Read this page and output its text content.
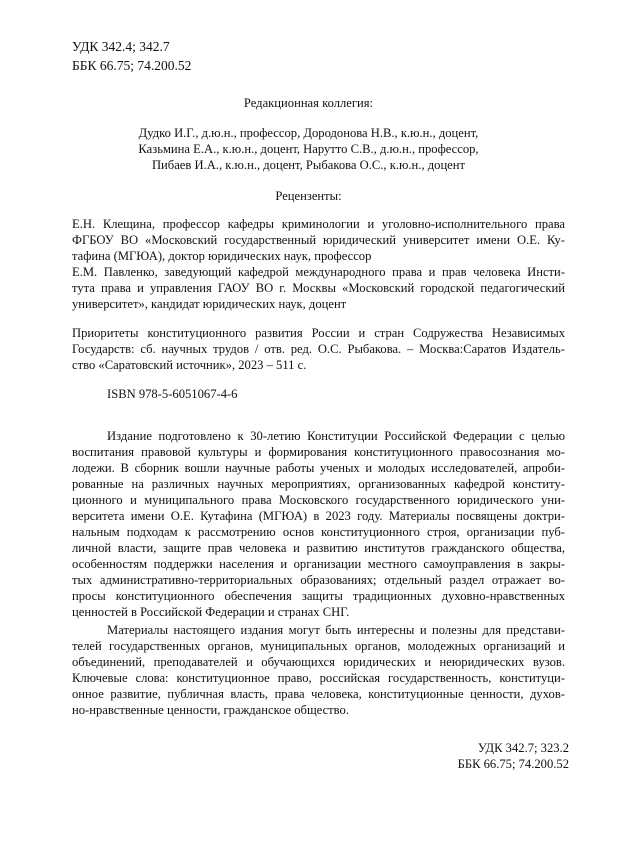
УДК 342.4; 342.7
ББК 66.75; 74.200.52
Редакционная коллегия:
Дудко И.Г., д.ю.н., профессор, Дородонова Н.В., к.ю.н., доцент,
Казьмина Е.А., к.ю.н., доцент, Нарутто С.В., д.ю.н., профессор,
Пибаев И.А., к.ю.н., доцент, Рыбакова О.С., к.ю.н., доцент
Рецензенты:
Е.Н. Клещина, профессор кафедры криминологии и уголовно-исполнительного права
ФГБОУ ВО «Московский государственный юридический университет имени О.Е. Ку-
тафина (МГЮА), доктор юридических наук, профессор
Е.М. Павленко, заведующий кафедрой международного права и прав человека Инсти-
тута права и управления ГАОУ ВО г. Москвы «Московский городской педагогический
университет», кандидат юридических наук, доцент
Приоритеты конституционного развития России и стран Содружества Независимых
Государств: сб. научных трудов / отв. ред. О.С. Рыбакова. – Москва:Саратов Издатель-
ство «Саратовский источник», 2023 – 511 с.
ISBN 978-5-6051067-4-6
Издание подготовлено к 30-летию Конституции Российской Федерации с целью
воспитания правовой культуры и формирования конституционного правосознания мо-
лодежи. В сборник вошли научные работы ученых и молодых исследователей, апроби-
рованные на различных научных мероприятиях, организованных кафедрой конститу-
ционного и муниципального права Московского государственного юридического уни-
верситета имени О.Е. Кутафина (МГЮА) в 2023 году. Материалы посвящены доктри-
нальным подходам к рассмотрению основ конституционного строя, организации пуб-
личной власти, защите прав человека и развитию институтов гражданского общества,
особенностям поддержки населения и организации местного самоуправления в закры-
тых административно-территориальных образованиях; отдельный раздел отражает во-
просы конституционного обеспечения защиты традиционных духовно-нравственных
ценностей в Российской Федерации и странах СНГ.
Материалы настоящего издания могут быть интересны и полезны для представи-
телей государственных органов, муниципальных органов, молодежных организаций и
объединений, преподавателей и обучающихся юридических и неюридических вузов.
Ключевые слова: конституционное право, российская государственность, конституци-
онное развитие, публичная власть, права человека, конституционные ценности, духов-
но-нравственные ценности, гражданское общество.
УДК 342.7; 323.2
ББК 66.75; 74.200.52
